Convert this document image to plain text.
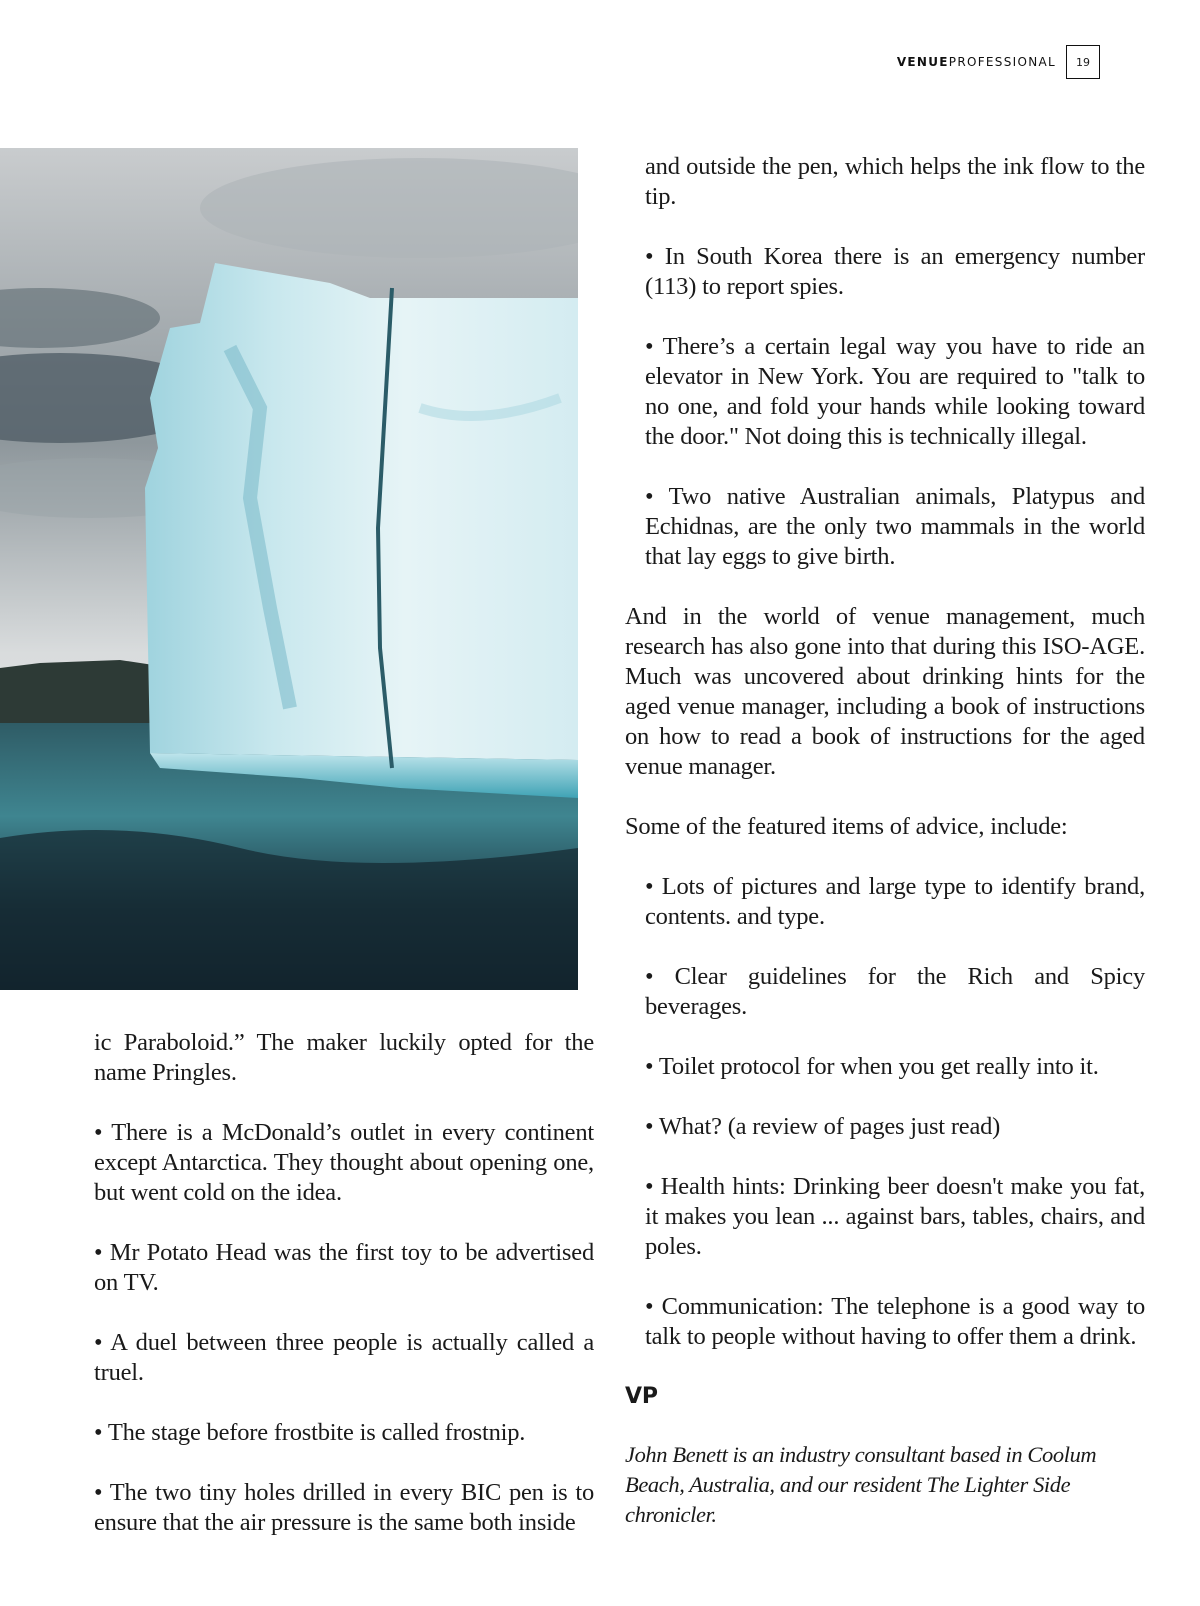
VENUEPROFESSIONAL	19

ic Paraboloid.” The maker luckily opted for the name Pringles.

• There is a McDonald’s outlet in every continent except Antarctica. They thought about opening one, but went cold on the idea.

• Mr Potato Head was the first toy to be advertised on TV.

• A duel between three people is actually called a truel.

• The stage before frostbite is called frostnip.

• The two tiny holes drilled in every BIC pen is to ensure that the air pressure is the same both inside

and outside the pen, which helps the ink flow to the tip.

• In South Korea there is an emergency number (113) to report spies.

• There’s a certain legal way you have to ride an elevator in New York. You are required to "talk to no one, and fold your hands while looking toward the door." Not doing this is technically illegal.

• Two native Australian animals, Platypus and Echidnas, are the only two mammals in the world that lay eggs to give birth.

And in the world of venue management, much research has also gone into that during this ISO-AGE. Much was uncovered about drinking hints for the aged venue manager, including a book of instructions on how to read a book of instructions for the aged venue manager.

Some of the featured items of advice, include:

• Lots of pictures and large type to identify brand, contents. and type.

• Clear guidelines for the Rich and Spicy beverages.

• Toilet protocol for when you get really into it.

• What? (a review of pages just read)

• Health hints: Drinking beer doesn't make you fat, it makes you lean ... against bars, tables, chairs, and poles.

• Communication: The telephone is a good way to talk to people without having to offer them a drink.

VP
John Benett is an industry consultant based in Coolum Beach, Australia, and our resident The Lighter Side chronicler.
